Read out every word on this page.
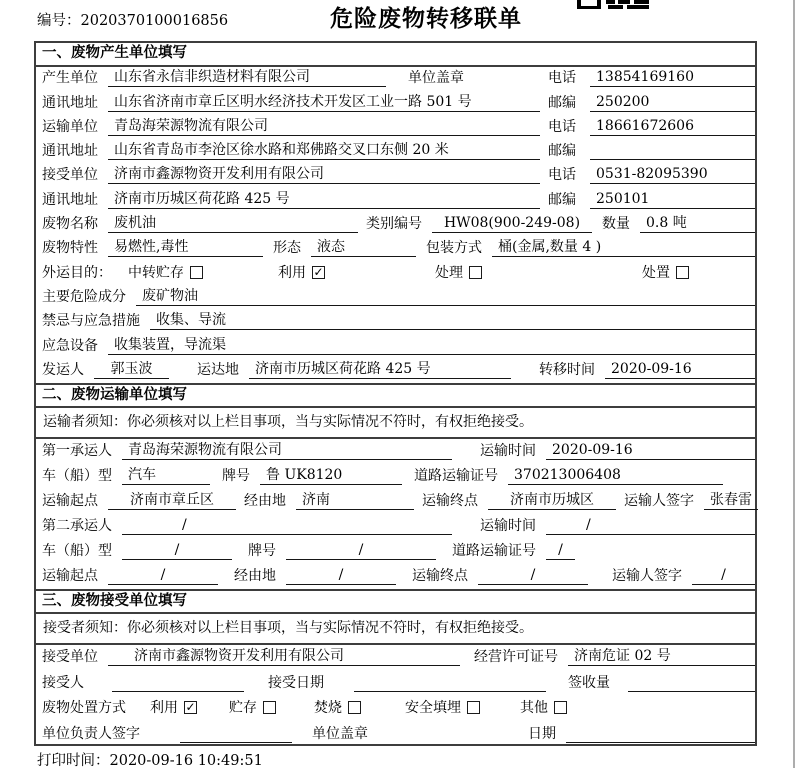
编号：2020370100016856	危险废物转移联单
一、废物产生单位填写
产生单位	山东省永信非织造材料有限公司	单位盖章	电话	13854169160
通讯地址	山东省济南市章丘区明水经济技术开发区工业一路 501 号	邮编	250200
运输单位	青岛海荣源物流有限公司	电话	18661672606
通讯地址	山东省青岛市李沧区徐水路和郑佛路交叉口东侧 20 米	邮编
接受单位	济南市鑫源物资开发利用有限公司	电话	0531-82095390
通讯地址	济南市历城区荷花路 425 号	邮编	250101
废物名称	废机油	类别编号	HW08(900-249-08)	数量	0.8 吨
废物特性	易燃性,毒性	形态	液态	包装方式	桶(金属,数量 4 )
外运目的：	中转贮存	利用 ✓	处理	处置
主要危险成分	废矿物油
禁忌与应急措施	收集、导流
应急设备	收集装置，导流渠
发运人	郭玉波	运达地	济南市历城区荷花路 425 号	转移时间	2020-09-16
二、废物运输单位填写
运输者须知：你必须核对以上栏目事项，当与实际情况不符时，有权拒绝接受。
第一承运人	青岛海荣源物流有限公司	运输时间	2020-09-16
车（船）型	汽车	牌号	鲁 UK8120	道路运输证号	370213006408
运输起点	济南市章丘区	经由地	济南	运输终点	济南市历城区	运输人签字	张春雷
第二承运人	/	运输时间	/
车（船）型	/	牌号	/	道路运输证号	/
运输起点	/	经由地	/	运输终点	/	运输人签字	/
三、废物接受单位填写
接受者须知：你必须核对以上栏目事项，当与实际情况不符时，有权拒绝接受。
接受单位	济南市鑫源物资开发利用有限公司	经营许可证号	济南危证 02 号
接受人	接受日期	签收量
废物处置方式	利用 ✓ 贮存	焚烧	安全填埋	其他
单位负责人签字	单位盖章	日期
打印时间：2020-09-16 10:49:51
